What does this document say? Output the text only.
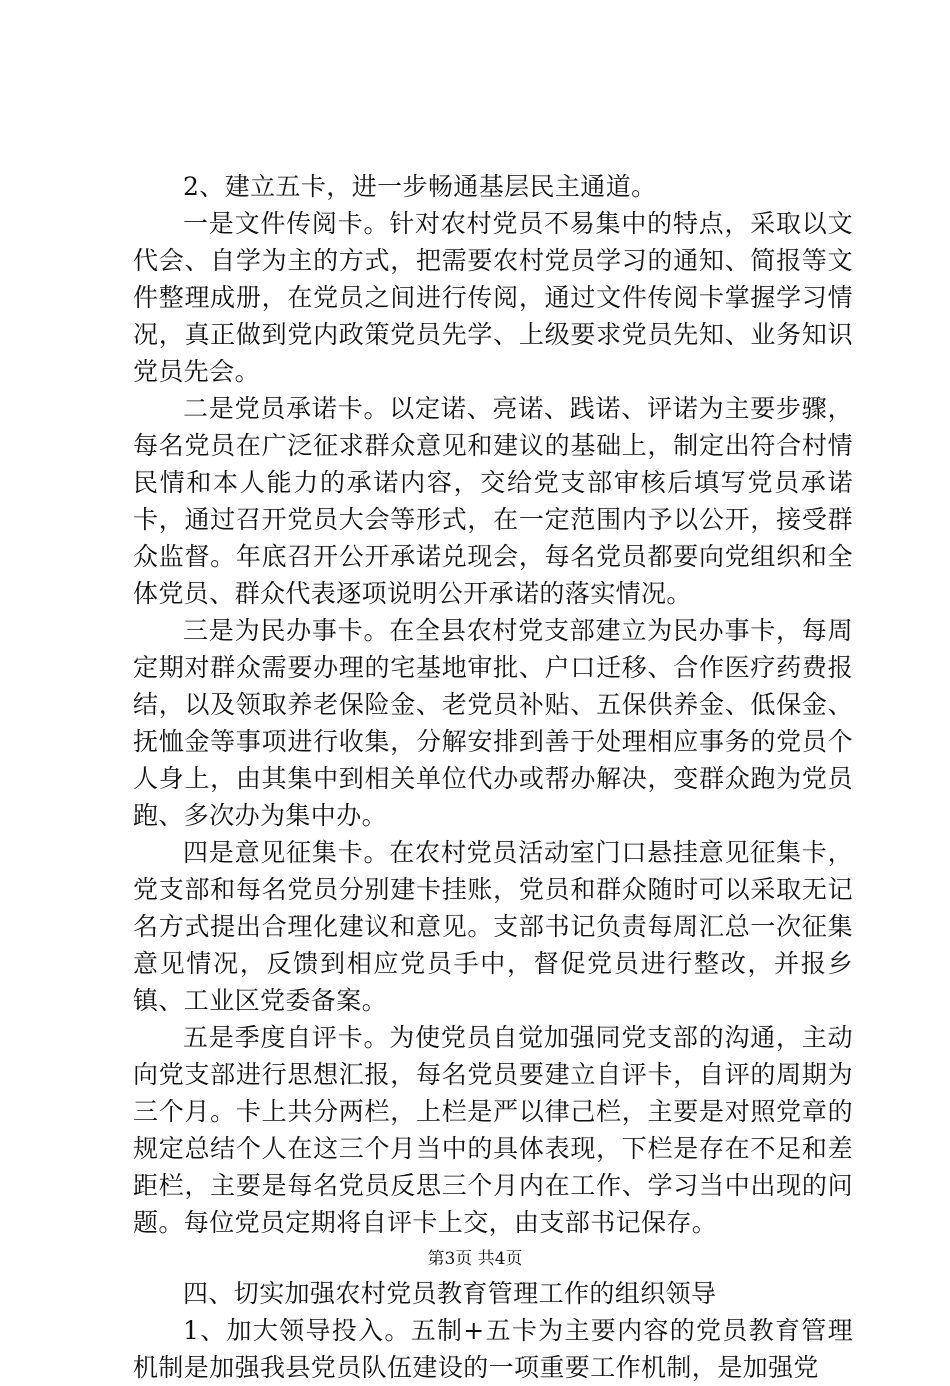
2、建立五卡，进一步畅通基层民主通道。

一是文件传阅卡。针对农村党员不易集中的特点，采取以文代会、自学为主的方式，把需要农村党员学习的通知、简报等文件整理成册，在党员之间进行传阅，通过文件传阅卡掌握学习情况，真正做到党内政策党员先学、上级要求党员先知、业务知识党员先会。

二是党员承诺卡。以定诺、亮诺、践诺、评诺为主要步骤，每名党员在广泛征求群众意见和建议的基础上，制定出符合村情民情和本人能力的承诺内容，交给党支部审核后填写党员承诺卡，通过召开党员大会等形式，在一定范围内予以公开，接受群众监督。年底召开公开承诺兑现会，每名党员都要向党组织和全体党员、群众代表逐项说明公开承诺的落实情况。

三是为民办事卡。在全县农村党支部建立为民办事卡，每周定期对群众需要办理的宅基地审批、户口迁移、合作医疗药费报结，以及领取养老保险金、老党员补贴、五保供养金、低保金、抚恤金等事项进行收集，分解安排到善于处理相应事务的党员个人身上，由其集中到相关单位代办或帮办解决，变群众跑为党员跑、多次办为集中办。

四是意见征集卡。在农村党员活动室门口悬挂意见征集卡，党支部和每名党员分别建卡挂账，党员和群众随时可以采取无记名方式提出合理化建议和意见。支部书记负责每周汇总一次征集意见情况，反馈到相应党员手中，督促党员进行整改，并报乡镇、工业区党委备案。

五是季度自评卡。为使党员自觉加强同党支部的沟通，主动向党支部进行思想汇报，每名党员要建立自评卡，自评的周期为三个月。卡上共分两栏，上栏是严以律己栏，主要是对照党章的规定总结个人在这三个月当中的具体表现，下栏是存在不足和差距栏，主要是每名党员反思三个月内在工作、学习当中出现的问题。每位党员定期将自评卡上交，由支部书记保存。

四、切实加强农村党员教育管理工作的组织领导

1、加大领导投入。五制+五卡为主要内容的党员教育管理机制是加强我县党员队伍建设的一项重要工作机制，是加强党

第3页 共4页
